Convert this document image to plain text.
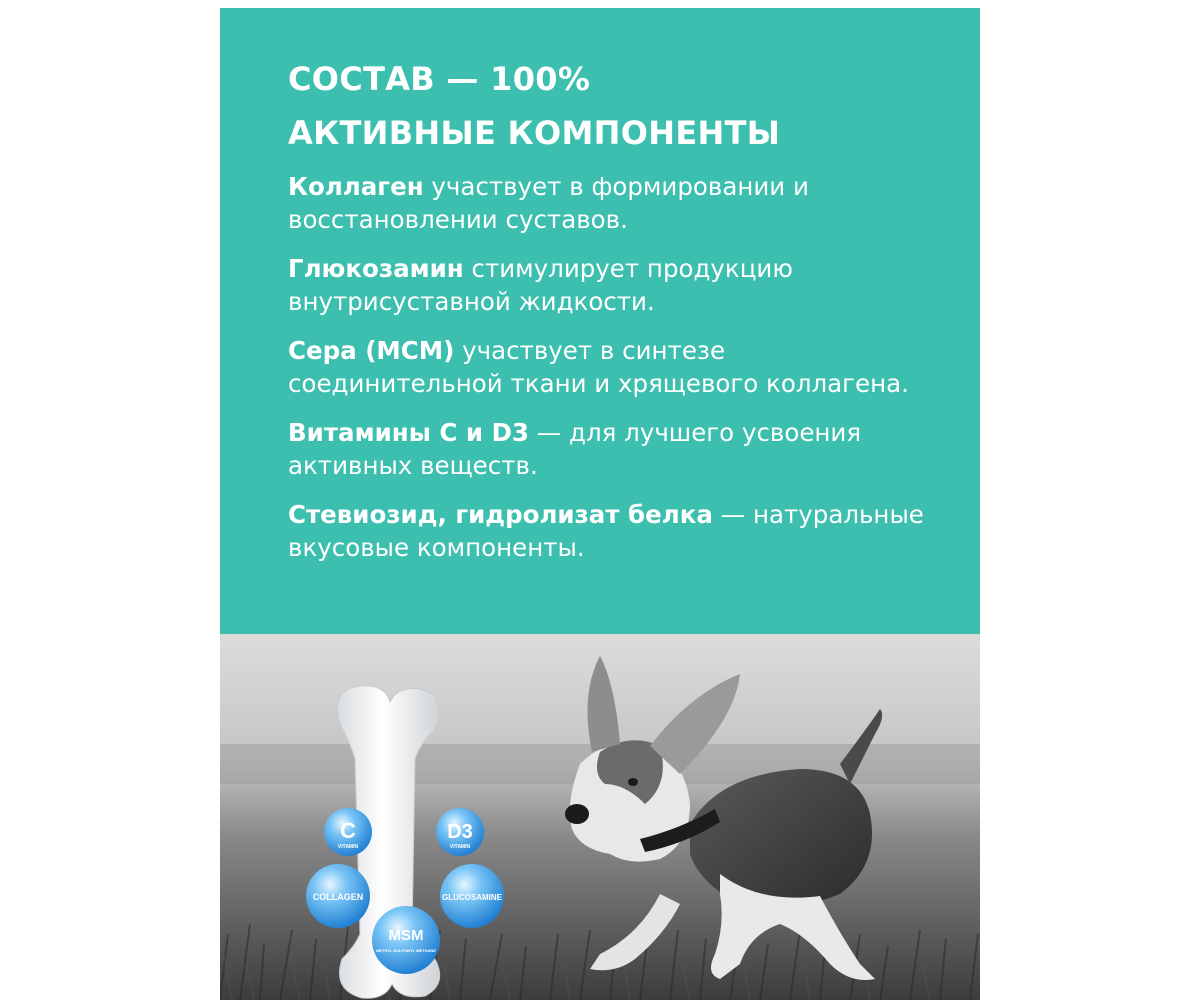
СОСТАВ — 100%
АКТИВНЫЕ КОМПОНЕНТЫ
Коллаген участвует в формировании и восстановлении суставов.
Глюкозамин стимулирует продукцию внутрисуставной жидкости.
Сера (МСМ) участвует в синтезе соединительной ткани и хрящевого коллагена.
Витамины C и D3 — для лучшего усвоения активных веществ.
Стевиозид, гидролизат белка — натуральные вкусовые компоненты.
C
VITAMIN
D3
VITAMIN
COLLAGEN	GLUCOSAMINE
MSM
METHYL SULFONYL METHANE
